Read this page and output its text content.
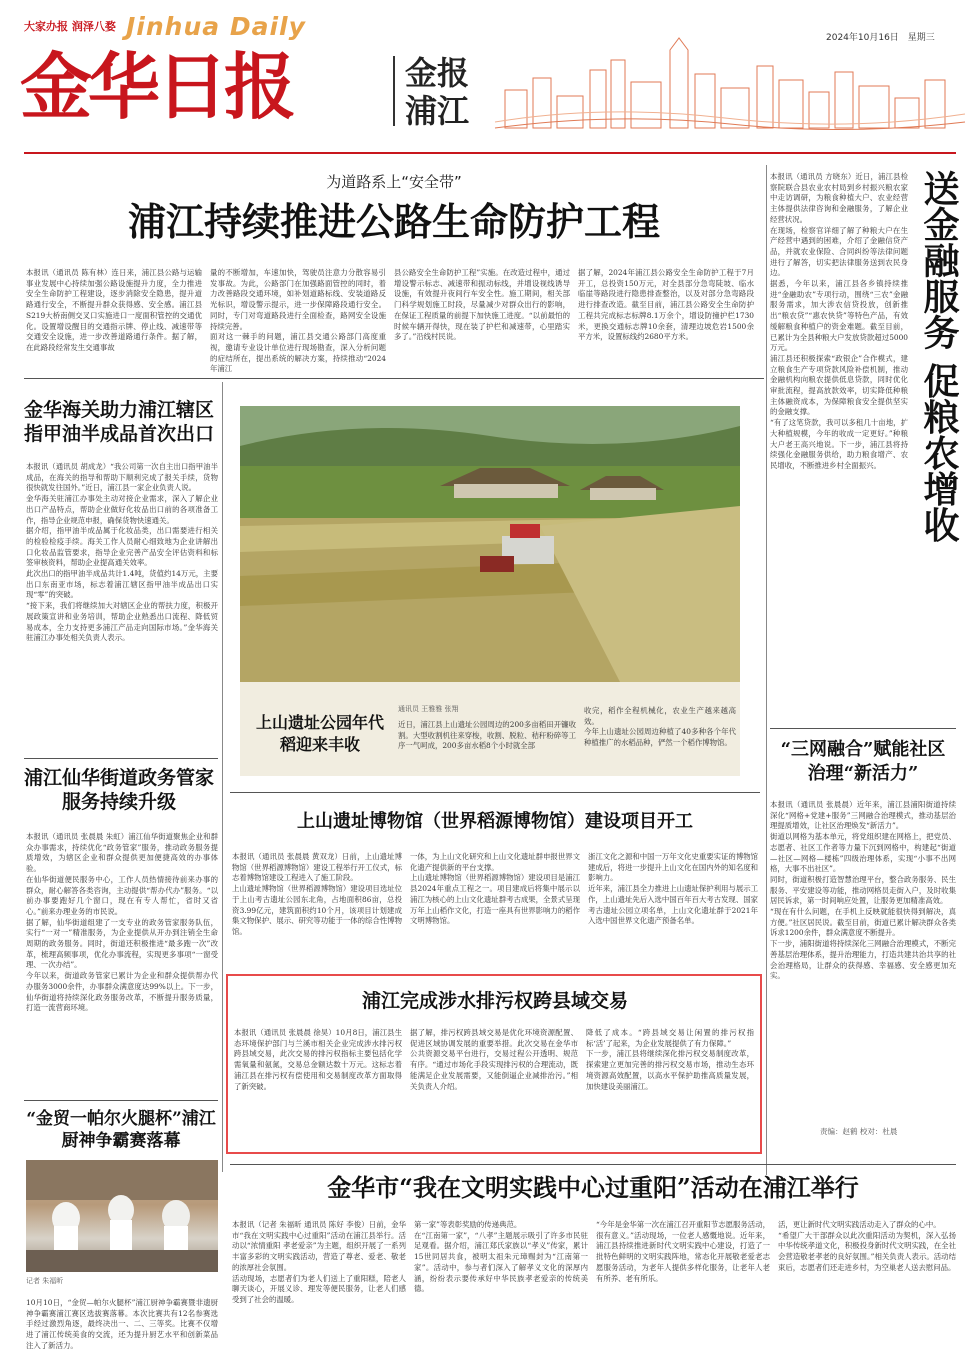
大家办报 润泽八婺 Jinhua Daily
金华日报	金报
浦江
2024年10月16日 星期三
为道路系上“安全带”
浦江持续推进公路生命防护工程
本报讯（通讯员 陈有林）连日来，浦江县公路与运输事业发展中心持续加强公路设施提升力度，全力推进安全生命防护工程建设，逐步消除安全隐患，提升道路通行安全，不断提升群众获得感、安全感。浦江县S219大桥南侧交叉口实施进口一度面积管控的交通优化。设置增设醒目的交通指示牌、停止线、减速带等交通安全设施，进一步改善道路通行条件。据了解，在此路段经常发生交通事故
量的不断增加，车速加快，驾驶员注意力分散容易引发事故。为此，公路部门在加强路面管控的同时，着力改善路段交通环境，如补划道路标线、安装道路反光标识，增设警示提示，进一步保障路段通行安全。同时，专门对弯道路段进行全面检查，路网安全设施持续完善。
面对这一棘手的问题，浦江县交通公路部门高度重视，邀请专业设计单位进行现场勘查，深入分析问题的症结所在，提出系统的解决方案，持续推动“2024年浦江
县公路安全生命防护工程”实施。在改造过程中，通过增设警示标志、减速带和振动标线，并增设视线诱导设施，有效提升夜间行车安全性。施工期间，相关部门科学规划施工时段，尽量减少对群众出行的影响，在保证工程质量的前提下加快施工进度。“以前最怕的时候车辆开得快，现在装了护栏和减速带，心里踏实多了。”沿线村民说。
据了解，2024年浦江县公路安全生命防护工程于7月开工，总投资150万元，对全县部分急弯陡坡、临水临崖等路段进行隐患排查整治，以及对部分急弯路段进行排查改造。截至目前，浦江县公路安全生命防护工程共完成标志标牌8.1万余个，增设防撞护栏1730米，更换交通标志牌10余套，清理边坡危岩1500余平方米，设置标线约2680平方米。
本报讯（通讯员 方晓东）近日，浦江县检察院联合县农业农村局到乡村振兴粮农家中走访调研，为粮食种植大户、农业经营主体提供法律咨询和金融服务，了解企业经营状况。
在现场，检察官详细了解了种粮大户在生产经营中遇到的困难，介绍了金融信贷产品，并就农业保险、合同纠纷等法律问题进行了解答，切实把法律服务送到农民身边。
据悉，今年以来，浦江县各乡镇持续推进“金融助农”专项行动，围绕“三农”金融服务需求，加大涉农信贷投放，创新推出“粮农贷”“惠农快贷”等特色产品，有效缓解粮食种植户的资金难题。截至目前，已累计为全县种粮大户发放贷款超过5000万元。
浦江县还积极探索“政银企”合作模式，建立粮食生产专项贷款风险补偿机制，推动金融机构向粮农提供低息贷款，同时优化审批流程，提高放款效率，切实降低种粮主体融资成本，为保障粮食安全提供坚实的金融支撑。
“有了这笔贷款，我可以多租几十亩地，扩大种植规模，今年的收成一定更好。”种粮大户老王高兴地说。下一步，浦江县将持续强化金融服务供给，助力粮食增产、农民增收，不断推进乡村全面振兴。	送金融服务 促粮农增收
“三网融合”赋能社区治理“新活力”
本报讯（通讯员 张晨晨）近年来，浦江县浦阳街道持续深化“网格+党建+服务”三网融合治理模式，推动基层治理提质增效，让社区治理焕发“新活力”。
街道以网格为基本单元，将党组织建在网格上，把党员、志愿者、社区工作者等力量下沉到网格中，构建起“街道—社区—网格—楼栋”四级治理体系，实现“小事不出网格，大事不出社区”。
同时，街道积极打造智慧治理平台，整合政务服务、民生服务、平安建设等功能，推动网格员走街入户，及时收集居民诉求，第一时间响应处置，让服务更加精准高效。
“现在有什么问题，在手机上反映就能很快得到解决，真方便。”社区居民说。截至目前，街道已累计解决群众各类诉求1200余件，群众满意度不断提升。
下一步，浦阳街道将持续深化三网融合治理模式，不断完善基层治理体系，提升治理能力，打造共建共治共享的社会治理格局，让群众的获得感、幸福感、安全感更加充实。
责编：赵鹤 校对：杜晨
金华海关助力浦江辖区指甲油半成品首次出口
本报讯（通讯员 胡成龙）“我公司第一次自主出口指甲油半成品，在海关的指导和帮助下顺利完成了报关手续，货物很快就发往国外。”近日，浦江县一家企业负责人说。
金华海关驻浦江办事处主动对接企业需求，深入了解企业出口产品特点，帮助企业做好化妆品出口前的各项准备工作，指导企业规范申报，确保货物快速通关。
据介绍，指甲油半成品属于化妆品类，出口需要进行相关的检验检疫手续。海关工作人员耐心细致地为企业讲解出口化妆品监管要求，指导企业完善产品安全评估资料和标签审核资料，帮助企业提高通关效率。
此次出口的指甲油半成品共计1.4吨，货值约14万元，主要出口东南亚市场，标志着浦江辖区指甲油半成品出口实现“零”的突破。
“接下来，我们将继续加大对辖区企业的帮扶力度，积极开展政策宣讲和业务培训，帮助企业熟悉出口流程、降低贸易成本，全力支持更多浦江产品走向国际市场。”金华海关驻浦江办事处相关负责人表示。
浦江仙华街道政务管家服务持续升级
本报讯（通讯员 张晨晨 朱虹）浦江仙华街道聚焦企业和群众办事需求，持续优化“政务管家”服务，推动政务服务提质增效，为辖区企业和群众提供更加便捷高效的办事体验。
在仙华街道便民服务中心，工作人员热情接待前来办事的群众，耐心解答各类咨询，主动提供“帮办代办”服务。“以前办事要跑好几个窗口，现在有专人帮忙，省时又省心。”前来办理业务的市民说。
据了解，仙华街道组建了一支专业的政务管家服务队伍，实行“一对一”精准服务，为企业提供从开办到注销全生命周期的政务服务。同时，街道还积极推进“最多跑一次”改革，梳理高频事项，优化办事流程，实现更多事项“一窗受理、一次办结”。
今年以来，街道政务管家已累计为企业和群众提供帮办代办服务3000余件，办事群众满意度达99%以上。下一步，仙华街道将持续深化政务服务改革，不断提升服务质量，打造一流营商环境。
“金贸一帕尔火腿杯”浦江厨神争霸赛落幕
记者 朱福昕
10月10日，“金贸—帕尔火腿杯”浦江厨神争霸赛暨非遗厨神争霸赛浦江赛区选拔赛落幕。本次比赛共有12名参赛选手经过激烈角逐，最终决出一、二、三等奖。比赛不仅增进了浦江传统美食的交流，还为提升厨艺水平和创新菜品注入了新活力。
上山遗址公园年代稻迎来丰收
通讯员 王雅雅 张翔
近日，浦江县上山遗址公园周边的200多亩稻田开镰收割。大型收割机往来穿梭，收割、脱粒、秸秆粉碎等工序一气呵成，200多亩水稻8个小时就全部
收完，稻作全程机械化，农业生产越来越高效。
今年上山遗址公园周边种植了40多种各个年代种植推广的水稻品种，俨然一个稻作博物馆。
上山遗址博物馆（世界稻源博物馆）建设项目开工
本报讯（通讯员 张晨晨 黄双龙）日前，上山遗址博物馆（世界稻源博物馆）建设工程举行开工仪式，标志着博物馆建设工程进入了施工阶段。
上山遗址博物馆（世界稻源博物馆）建设项目选址位于上山考古遗址公园东北角，占地面积86亩，总投资3.99亿元，建筑面积约10个月，该项目计划建成集文物保护、展示、研究等功能于一体的综合性博物馆。
一体，为上山文化研究和上山文化遗址群申报世界文化遗产提供新的平台支撑。
上山遗址博物馆（世界稻源博物馆）建设项目是浦江县2024年重点工程之一。项目建成后将集中展示以浦江为核心的上山文化遗址群考古成果，全景式呈现万年上山稻作文化，打造一座具有世界影响力的稻作文明博物馆。
浙江文化之源和中国一万年文化史重要实证的博物馆建成后，将进一步提升上山文化在国内外的知名度和影响力。
近年来，浦江县全力推进上山遗址保护利用与展示工作，上山遗址先后入选中国百年百大考古发现、国家考古遗址公园立项名单，上山文化遗址群于2021年入选中国世界文化遗产预备名单。
浦江完成涉水排污权跨县域交易
本报讯（通讯员 张晨晨 徐昊）10月8日，浦江县生态环境保护部门与兰溪市相关企业完成涉水排污权跨县域交易，此次交易的排污权指标主要包括化学需氧量和氨氮，交易总金额达数十万元。这标志着浦江县在排污权有偿使用和交易制度改革方面取得了新突破。
据了解，排污权跨县域交易是优化环境资源配置、促进区域协调发展的重要举措。此次交易在金华市公共资源交易平台进行，交易过程公开透明、规范有序。“通过市场化手段实现排污权的合理流动，既能满足企业发展需要，又能倒逼企业减排治污。”相关负责人介绍。
降低了成本。“跨县域交易让闲置的排污权指标‘活’了起来，为企业发展提供了有力保障。”
下一步，浦江县将继续深化排污权交易制度改革，探索建立更加完善的排污权交易市场，推动生态环境资源高效配置，以高水平保护助推高质量发展，加快建设美丽浦江。
金华市“我在文明实践中心过重阳”活动在浦江举行
本报讯（记者 朱福昕 通讯员 陈好 李俊）日前，金华市“我在文明实践中心过重阳”活动在浦江县举行。活动以“浓情重阳 孝老爱亲”为主题，组织开展了一系列丰富多彩的文明实践活动，营造了尊老、爱老、敬老的浓厚社会氛围。
活动现场，志愿者们为老人们送上了重阳糕，陪老人聊天谈心，开展义诊、理发等便民服务，让老人们感受到了社会的温暖。
第一家”等表彰奖励的传递典范。
在“江南第一家”，“八孝”主题展示吸引了许多市民驻足观看。据介绍，浦江郑氏家族以“孝义”传家，累计15世同居共食，被明太祖朱元璋赐封为“江南第一家”。活动中，参与者们深入了解孝义文化的深厚内涵，纷纷表示要传承好中华民族孝老爱亲的传统美德。
“今年是金华第一次在浦江召开重阳节志愿服务活动，很有意义。”活动现场，一位老人感慨地说。近年来，浦江县持续推进新时代文明实践中心建设，打造了一批特色鲜明的文明实践阵地，常态化开展敬老爱老志愿服务活动，为老年人提供多样化服务，让老年人老有所养、老有所乐。
活，更让新时代文明实践活动走入了群众的心中。
“希望广大干部群众以此次重阳活动为契机，深入弘扬中华传统孝道文化，积极投身新时代文明实践，在全社会营造敬老孝老的良好氛围。”相关负责人表示。活动结束后，志愿者们还走进乡村，为空巢老人送去慰问品。
